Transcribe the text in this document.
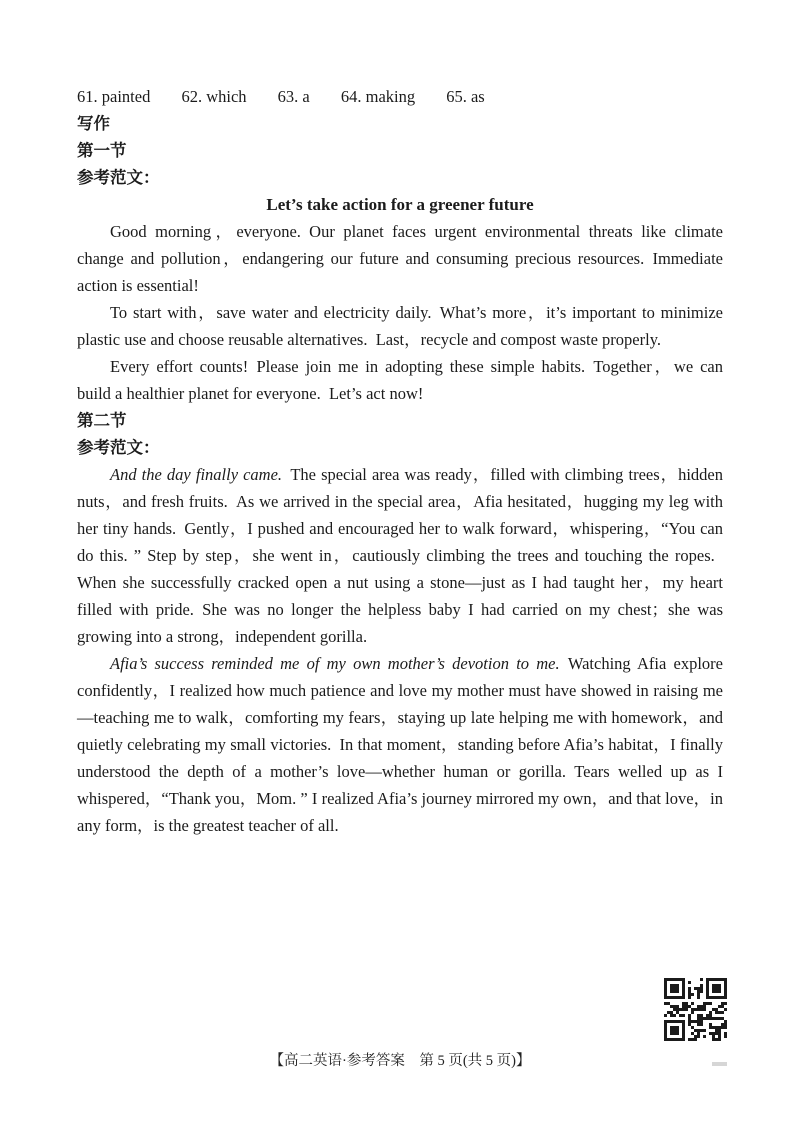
61. painted 62. which 63. a 64. making 65. as
写作
第一节
参考范文：
Let’s take action for a greener future

Good morning，everyone. Our planet faces urgent environmental threats like climate change and pollution，endangering our future and consuming precious resources. Immediate action is essential!

To start with，save water and electricity daily. What’s more，it’s important to minimize plastic use and choose reusable alternatives. Last，recycle and compost waste properly.

Every effort counts! Please join me in adopting these simple habits. Together，we can build a healthier planet for everyone. Let’s act now!

第二节
参考范文：

And the day finally came. The special area was ready，filled with climbing trees，hidden nuts，and fresh fruits. As we arrived in the special area，Afia hesitated，hugging my leg with her tiny hands. Gently，I pushed and encouraged her to walk forward，whispering，“You can do this. ” Step by step，she went in，cautiously climbing the trees and touching the ropes. When she successfully cracked open a nut using a stone—just as I had taught her，my heart filled with pride. She was no longer the helpless baby I had carried on my chest；she was growing into a strong，independent gorilla.

Afia’s success reminded me of my own mother’s devotion to me. Watching Afia explore confidently，I realized how much patience and love my mother must have showed in raising me—teaching me to walk，comforting my fears，staying up late helping me with homework，and quietly celebrating my small victories. In that moment，standing before Afia’s habitat，I finally understood the depth of a mother’s love—whether human or gorilla. Tears welled up as I whispered，“Thank you，Mom. ” I realized Afia’s journey mirrored my own，and that love，in any form，is the greatest teacher of all.

【高二英语·参考答案　第 5 页(共 5 页)】
